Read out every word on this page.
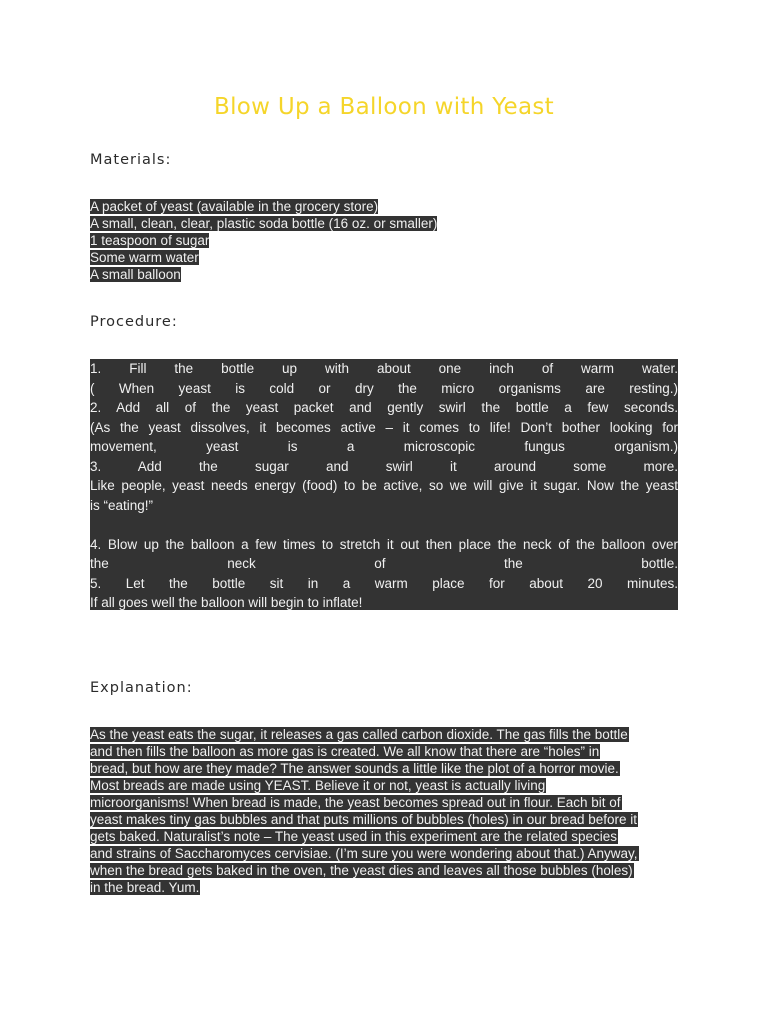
Blow Up a Balloon with Yeast
Materials:
A packet of yeast (available in the grocery store)
A small, clean, clear, plastic soda bottle (16 oz. or smaller)
1 teaspoon of sugar
Some warm water
A small balloon
Procedure:
1. Fill the bottle up with about one inch of warm water.
( When yeast is cold or dry the micro organisms are resting.)
2. Add all of the yeast packet and gently swirl the bottle a few seconds.
(As the yeast dissolves, it becomes active – it comes to life! Don’t bother looking for
movement, yeast is a microscopic fungus organism.)
3. Add the sugar and swirl it around some more.
Like people, yeast needs energy (food) to be active, so we will give it sugar. Now the yeast
is “eating!”
4. Blow up the balloon a few times to stretch it out then place the neck of the balloon over
the neck of the bottle.
5. Let the bottle sit in a warm place for about 20 minutes.
If all goes well the balloon will begin to inflate!
Explanation:
As the yeast eats the sugar, it releases a gas called carbon dioxide. The gas fills the bottle
and then fills the balloon as more gas is created. We all know that there are “holes” in
bread, but how are they made? The answer sounds a little like the plot of a horror movie.
Most breads are made using YEAST. Believe it or not, yeast is actually living
microorganisms! When bread is made, the yeast becomes spread out in flour. Each bit of
yeast makes tiny gas bubbles and that puts millions of bubbles (holes) in our bread before it
gets baked. Naturalist’s note – The yeast used in this experiment are the related species
and strains of Saccharomyces cervisiae. (I’m sure you were wondering about that.) Anyway,
when the bread gets baked in the oven, the yeast dies and leaves all those bubbles (holes)
in the bread. Yum.
